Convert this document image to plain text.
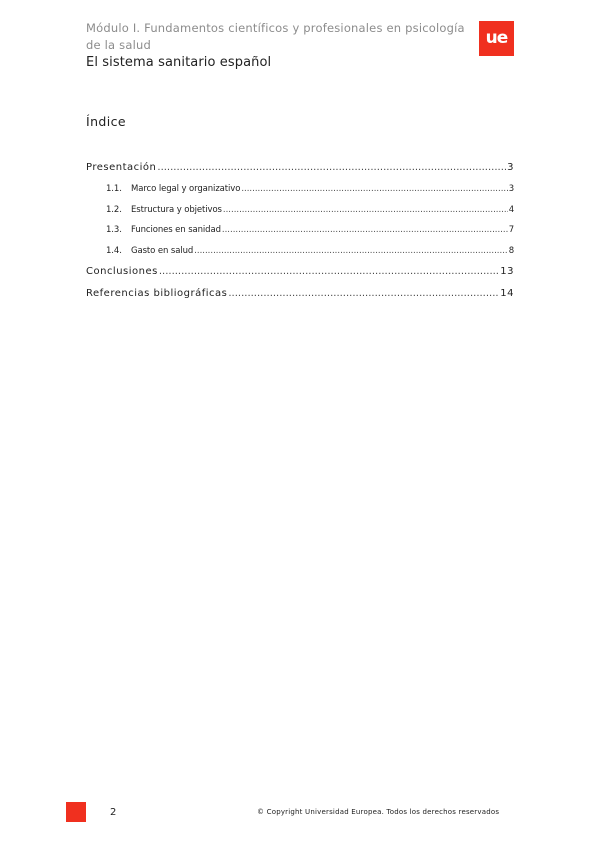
Módulo I. Fundamentos científicos y profesionales en psicología de la salud
El sistema sanitario español
ue
Índice
Presentación .....	3
1.1.	Marco legal y organizativo .....	3
1.2.	Estructura y objetivos .....	4
1.3.	Funciones en sanidad .....	7
1.4.	Gasto en salud .....	8
Conclusiones .....	13
Referencias bibliográficas .....	14
2	© Copyright Universidad Europea. Todos los derechos reservados
